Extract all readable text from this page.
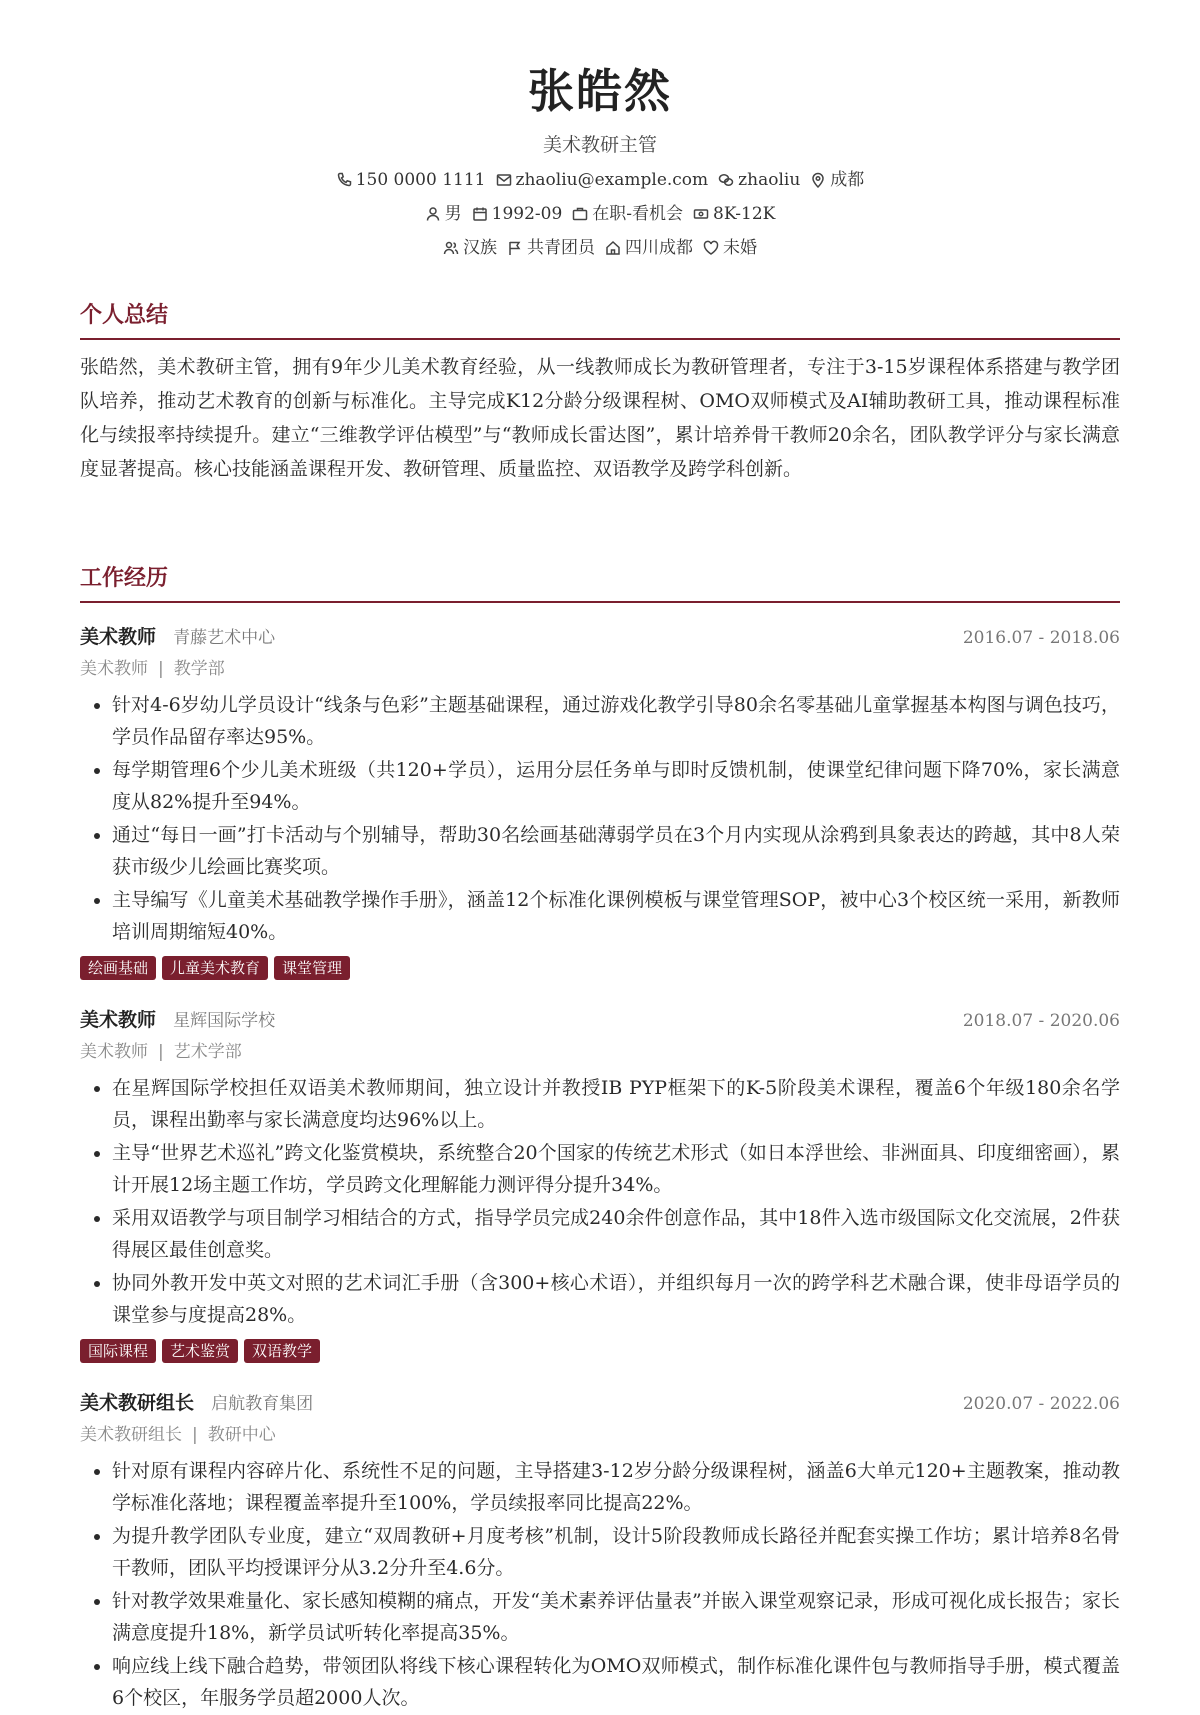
张皓然
美术教研主管
150 0000 1111 zhaoliu@example.com zhaoliu 成都
男 1992-09 在职-看机会 8K-12K
汉族 共青团员 四川成都 未婚
个人总结
张皓然，美术教研主管，拥有9年少儿美术教育经验，从一线教师成长为教研管理者，专注于3-15岁课程体系搭建与教学团队培养，推动艺术教育的创新与标准化。主导完成K12分龄分级课程树、OMO双师模式及AI辅助教研工具，推动课程标准化与续报率持续提升。建立“三维教学评估模型”与“教师成长雷达图”，累计培养骨干教师20余名，团队教学评分与家长满意度显著提高。核心技能涵盖课程开发、教研管理、质量监控、双语教学及跨学科创新。
工作经历
美术教师 青藤艺术中心	2016.07 - 2018.06
美术教师 | 教学部
• 针对4-6岁幼儿学员设计“线条与色彩”主题基础课程，通过游戏化教学引导80余名零基础儿童掌握基本构图与调色技巧，学员作品留存率达95%。
• 每学期管理6个少儿美术班级（共120+学员），运用分层任务单与即时反馈机制，使课堂纪律问题下降70%，家长满意度从82%提升至94%。
• 通过“每日一画”打卡活动与个别辅导，帮助30名绘画基础薄弱学员在3个月内实现从涂鸦到具象表达的跨越，其中8人荣获市级少儿绘画比赛奖项。
• 主导编写《儿童美术基础教学操作手册》，涵盖12个标准化课例模板与课堂管理SOP，被中心3个校区统一采用，新教师培训周期缩短40%。
绘画基础	儿童美术教育	课堂管理
美术教师 星辉国际学校	2018.07 - 2020.06
美术教师 | 艺术学部
• 在星辉国际学校担任双语美术教师期间，独立设计并教授IB PYP框架下的K-5阶段美术课程，覆盖6个年级180余名学员，课程出勤率与家长满意度均达96%以上。
• 主导“世界艺术巡礼”跨文化鉴赏模块，系统整合20个国家的传统艺术形式（如日本浮世绘、非洲面具、印度细密画），累计开展12场主题工作坊，学员跨文化理解能力测评得分提升34%。
• 采用双语教学与项目制学习相结合的方式，指导学员完成240余件创意作品，其中18件入选市级国际文化交流展，2件获得展区最佳创意奖。
• 协同外教开发中英文对照的艺术词汇手册（含300+核心术语），并组织每月一次的跨学科艺术融合课，使非母语学员的课堂参与度提高28%。
国际课程	艺术鉴赏	双语教学
美术教研组长 启航教育集团	2020.07 - 2022.06
美术教研组长 | 教研中心
• 针对原有课程内容碎片化、系统性不足的问题，主导搭建3-12岁分龄分级课程树，涵盖6大单元120+主题教案，推动教学标准化落地；课程覆盖率提升至100%，学员续报率同比提高22%。
• 为提升教学团队专业度，建立“双周教研+月度考核”机制，设计5阶段教师成长路径并配套实操工作坊；累计培养8名骨干教师，团队平均授课评分从3.2分升至4.6分。
• 针对教学效果难量化、家长感知模糊的痛点，开发“美术素养评估量表”并嵌入课堂观察记录，形成可视化成长报告；家长满意度提升18%，新学员试听转化率提高35%。
• 响应线上线下融合趋势，带领团队将线下核心课程转化为OMO双师模式，制作标准化课件包与教师指导手册，模式覆盖6个校区，年服务学员超2000人次。
